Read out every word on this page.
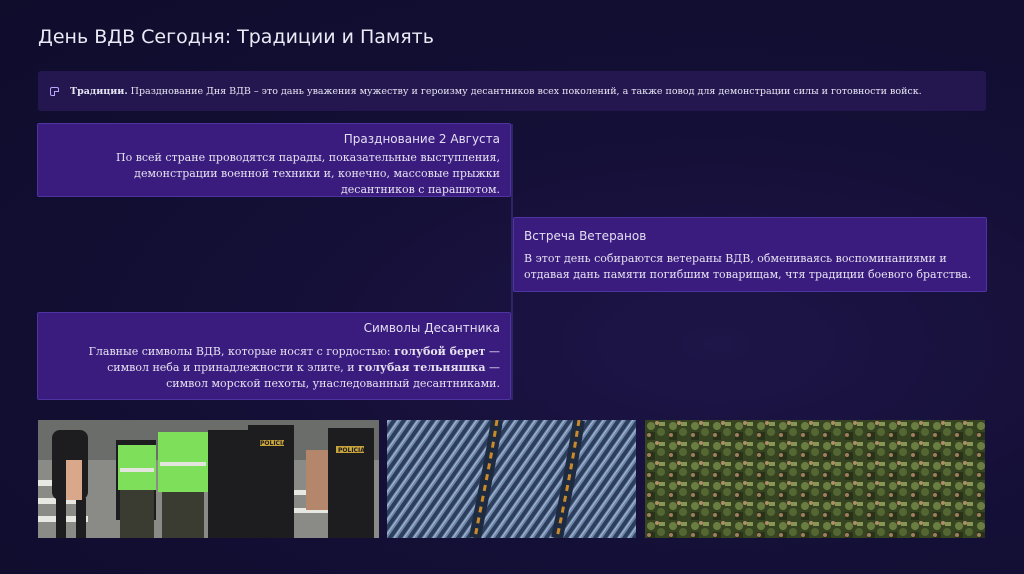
День ВДВ Сегодня: Традиции и Память
Традиции. Празднование Дня ВДВ – это дань уважения мужеству и героизму десантников всех поколений, а также повод для демонстрации силы и готовности войск.
Празднование 2 Августа

По всей стране проводятся парады, показательные выступления, демонстрации военной техники и, конечно, массовые прыжки десантников с парашютом.

Встреча Ветеранов

В этот день собираются ветераны ВДВ, обмениваясь воспоминаниями и отдавая дань памяти погибшим товарищам, чтя традиции боевого братства.

Символы Десантника

Главные символы ВДВ, которые носят с гордостью: голубой берет — символ неба и принадлежности к элите, и голубая тельняшка — символ морской пехоты, унаследованный десантниками.

POLICIA
POLICIA
